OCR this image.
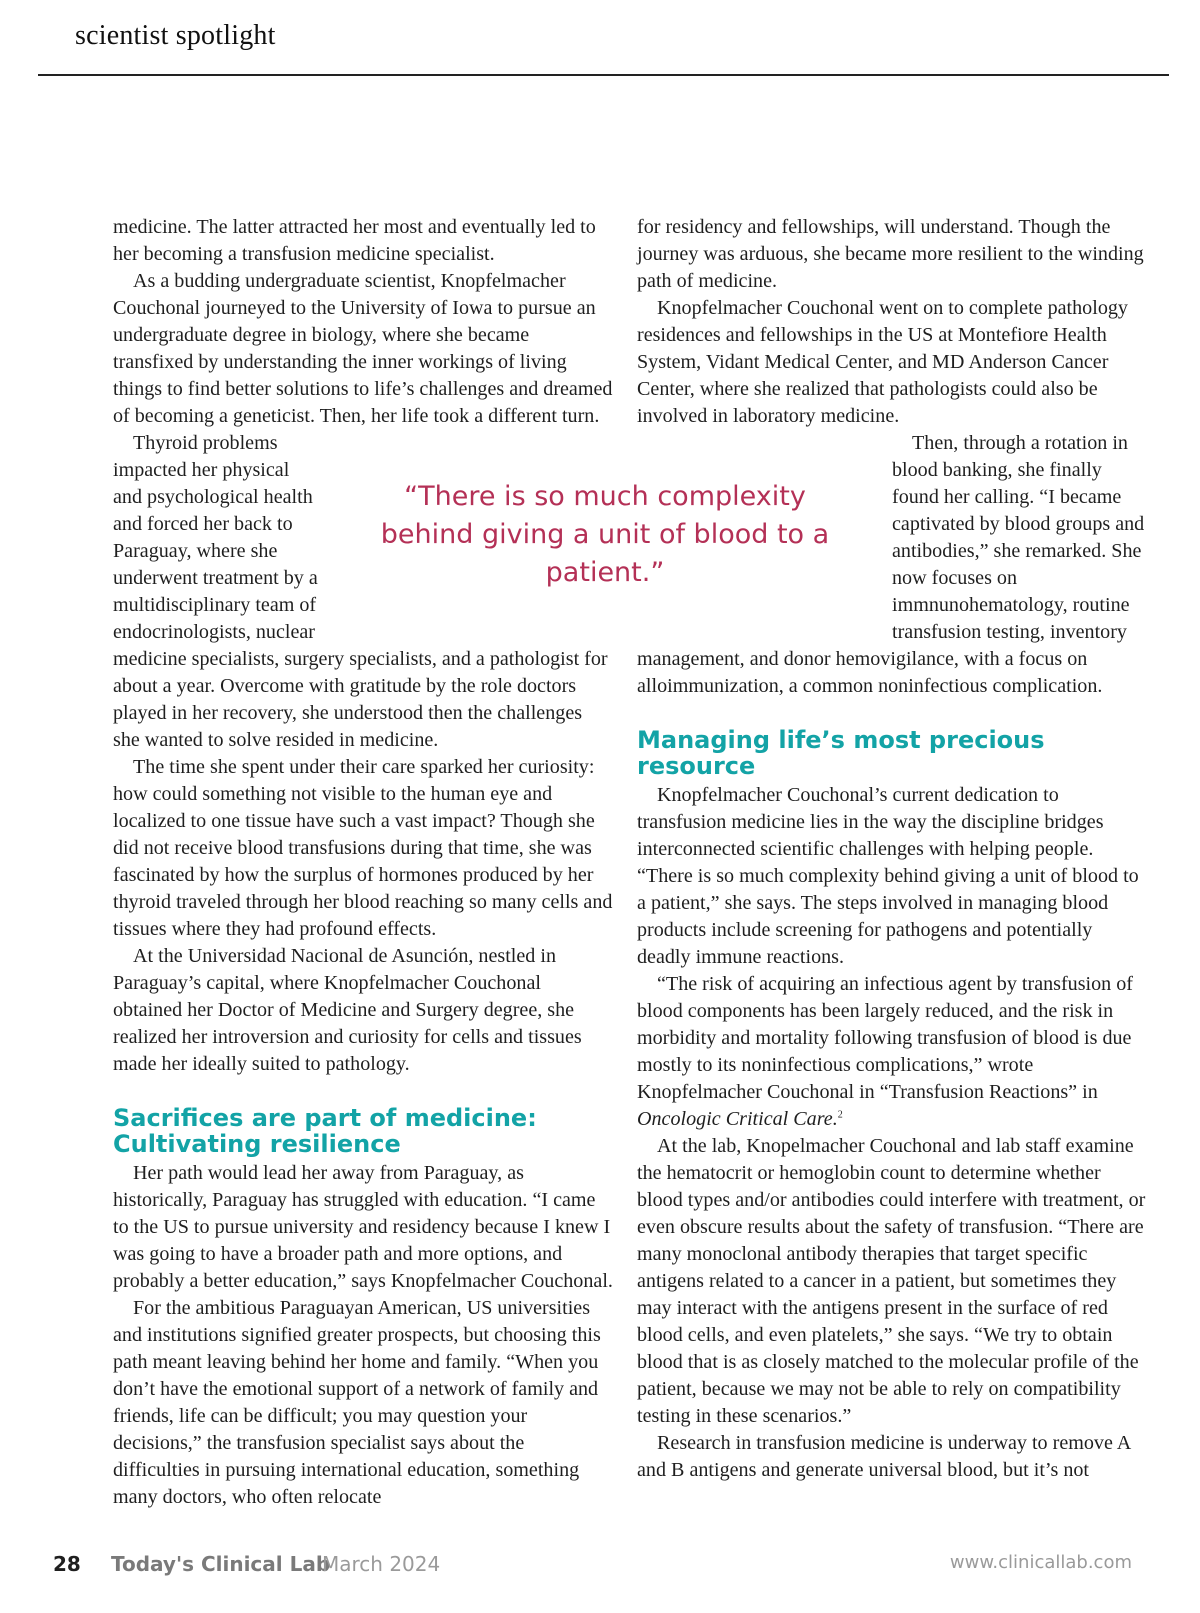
scientist spotlight

medicine. The latter attracted her most and eventually led to her becoming a transfusion medicine specialist.

As a budding undergraduate scientist, Knopfelmacher Couchonal journeyed to the University of Iowa to pursue an undergraduate degree in biology, where she became transfixed by understanding the inner workings of living things to find better solutions to life’s challenges and dreamed of becoming a geneticist. Then, her life took a different turn.

Thyroid problems impacted her physical and psychological health and forced her back to Paraguay, where she underwent treatment by a multidisciplinary team of endocrinologists, nuclear medicine specialists, surgery specialists, and a pathologist for about a year. Overcome with gratitude by the role doctors played in her recovery, she understood then the challenges she wanted to solve resided in medicine.

The time she spent under their care sparked her curiosity: how could something not visible to the human eye and localized to one tissue have such a vast impact? Though she did not receive blood transfusions during that time, she was fascinated by how the surplus of hormones produced by her thyroid traveled through her blood reaching so many cells and tissues where they had profound effects.

At the Universidad Nacional de Asunción, nestled in Paraguay’s capital, where Knopfelmacher Couchonal obtained her Doctor of Medicine and Surgery degree, she realized her introversion and curiosity for cells and tissues made her ideally suited to pathology.

Sacrifices are part of medicine: Cultivating resilience

Her path would lead her away from Paraguay, as historically, Paraguay has struggled with education. “I came to the US to pursue university and residency because I knew I was going to have a broader path and more options, and probably a better education,” says Knopfelmacher Couchonal.

For the ambitious Paraguayan American, US universities and institutions signified greater prospects, but choosing this path meant leaving behind her home and family. “When you don’t have the emotional support of a network of family and friends, life can be difficult; you may question your decisions,” the transfusion specialist says about the difficulties in pursuing international education, something many doctors, who often relocate

for residency and fellowships, will understand. Though the journey was arduous, she became more resilient to the winding path of medicine.

Knopfelmacher Couchonal went on to complete pathology residences and fellowships in the US at Montefiore Health System, Vidant Medical Center, and MD Anderson Cancer Center, where she realized that pathologists could also be involved in laboratory medicine.

Then, through a rotation in blood banking, she finally found her calling. “I became captivated by blood groups and antibodies,” she remarked. She now focuses on immnunohematology, routine transfusion testing, inventory management, and donor hemovigilance, with a focus on alloimmunization, a common noninfectious complication.

Managing life’s most precious resource

Knopfelmacher Couchonal’s current dedication to transfusion medicine lies in the way the discipline bridges interconnected scientific challenges with helping people. “There is so much complexity behind giving a unit of blood to a patient,” she says. The steps involved in managing blood products include screening for pathogens and potentially deadly immune reactions.

“The risk of acquiring an infectious agent by transfusion of blood components has been largely reduced, and the risk in morbidity and mortality following transfusion of blood is due mostly to its noninfectious complications,” wrote Knopfelmacher Couchonal in “Transfusion Reactions” in Oncologic Critical Care.$^2$

At the lab, Knopelmacher Couchonal and lab staff examine the hematocrit or hemoglobin count to determine whether blood types and/or antibodies could interfere with treatment, or even obscure results about the safety of transfusion. “There are many monoclonal antibody therapies that target specific antigens related to a cancer in a patient, but sometimes they may interact with the antigens present in the surface of red blood cells, and even platelets,” she says. “We try to obtain blood that is as closely matched to the molecular profile of the patient, because we may not be able to rely on compatibility testing in these scenarios.”

Research in transfusion medicine is underway to remove A and B antigens and generate universal blood, but it’s not

“There is so much complexity behind giving a unit of blood to a patient.”
28 Today's Clinical Lab
March 2024	www.clinicallab.com
